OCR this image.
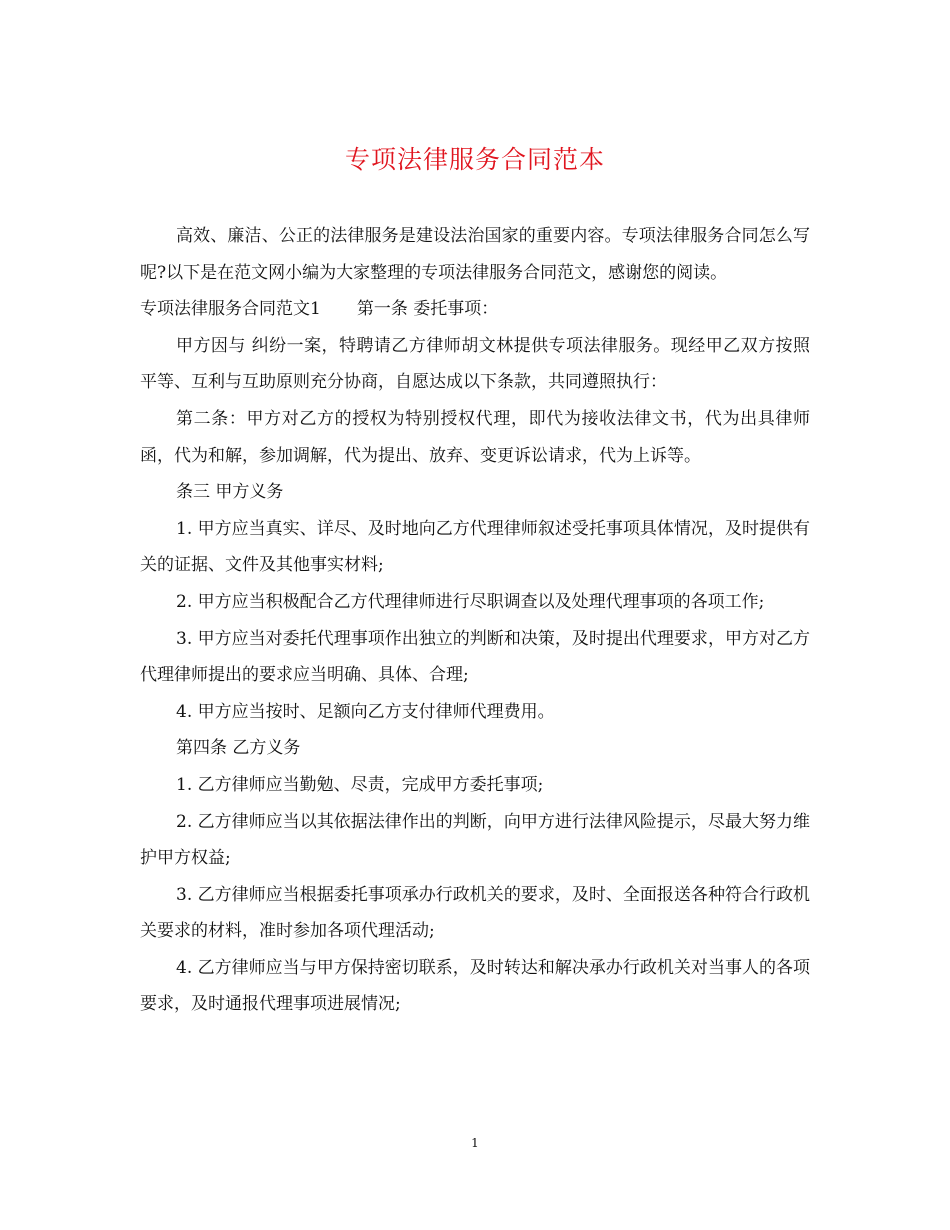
专项法律服务合同范本

高效、廉洁、公正的法律服务是建设法治国家的重要内容。专项法律服务合同怎么写呢?以下是在范文网小编为大家整理的专项法律服务合同范文，感谢您的阅读。

专项法律服务合同范文1 第一条 委托事项：

甲方因与 纠纷一案，特聘请乙方律师胡文林提供专项法律服务。现经甲乙双方按照平等、互利与互助原则充分协商，自愿达成以下条款，共同遵照执行：

第二条：甲方对乙方的授权为特别授权代理，即代为接收法律文书，代为出具律师函，代为和解，参加调解，代为提出、放弃、变更诉讼请求，代为上诉等。

条三 甲方义务

1. 甲方应当真实、详尽、及时地向乙方代理律师叙述受托事项具体情况，及时提供有关的证据、文件及其他事实材料;

2. 甲方应当积极配合乙方代理律师进行尽职调查以及处理代理事项的各项工作;

3. 甲方应当对委托代理事项作出独立的判断和决策，及时提出代理要求，甲方对乙方代理律师提出的要求应当明确、具体、合理;

4. 甲方应当按时、足额向乙方支付律师代理费用。

第四条 乙方义务

1. 乙方律师应当勤勉、尽责，完成甲方委托事项;

2. 乙方律师应当以其依据法律作出的判断，向甲方进行法律风险提示，尽最大努力维护甲方权益;

3. 乙方律师应当根据委托事项承办行政机关的要求，及时、全面报送各种符合行政机关要求的材料，准时参加各项代理活动;

4. 乙方律师应当与甲方保持密切联系，及时转达和解决承办行政机关对当事人的各项要求，及时通报代理事项进展情况;

1
